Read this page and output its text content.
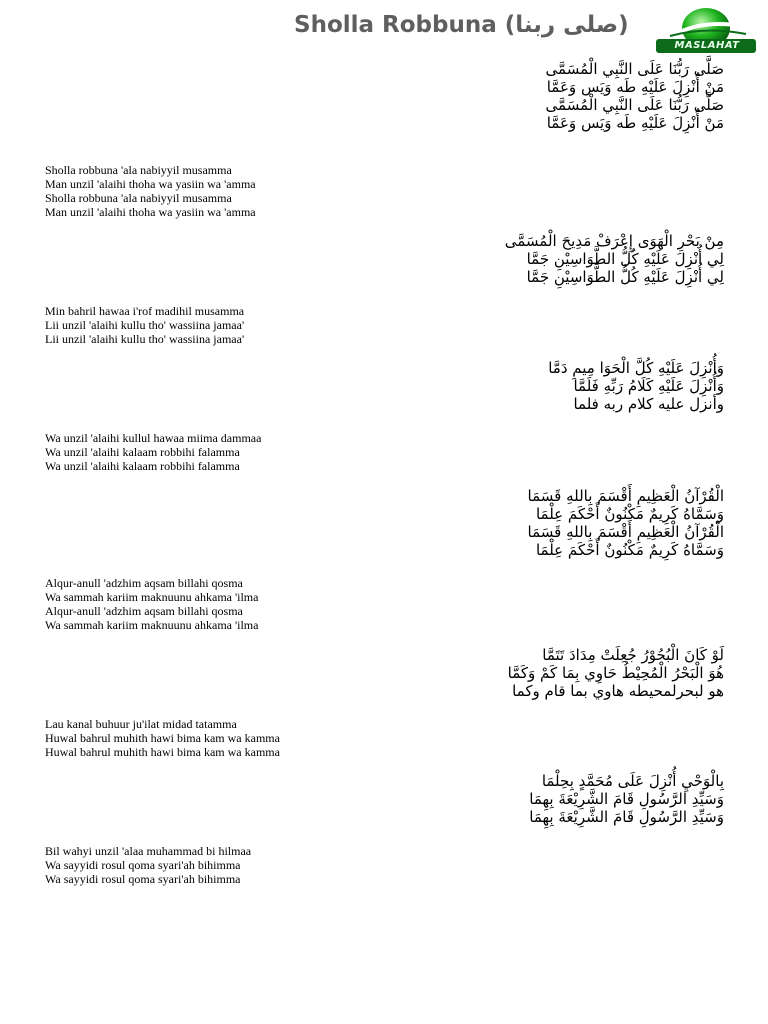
Sholla Robbuna (صلى ربنا)
MASLAHAT
صَلَّى رَبُّنَا عَلَى النَّبِي الْمُسَمَّى
مَنْ أُنْزِلَ عَلَيْهِ طَه وَيَس وَعَمَّا
صَلَّى رَبُّنَا عَلَى النَّبِي الْمُسَمَّى
مَنْ أُنْزِلَ عَلَيْهِ طَه وَيَس وَعَمَّا
Sholla robbuna 'ala nabiyyil musamma
Man unzil 'alaihi thoha wa yasiin wa 'amma
Sholla robbuna 'ala nabiyyil musamma
Man unzil 'alaihi thoha wa yasiin wa 'amma
مِنْ بَحْرِ الْهَوَى إِعْرَفْ مَدِيحَ الْمُسَمَّى
لِي أُنْزِلَ عَلَيْهِ كُلُّ الطَّوَاسِيْنِ جَمَّا
لِي أُنْزِلَ عَلَيْهِ كُلُّ الطَّوَاسِيْنِ جَمَّا
Min bahril hawaa i'rof madihil musamma
Lii unzil 'alaihi kullu tho' wassiina jamaa'
Lii unzil 'alaihi kullu tho' wassiina jamaa'
وَأُنْزِلَ عَلَيْهِ كُلَّ الْحَوَا مِيمِ دَمَّا
وَأُنْزِلَ عَلَيْهِ كَلَامُ رَبِّهِ فَلَمَّا
وأنزل عليه كلام ربه فلما
Wa unzil 'alaihi kullul hawaa miima dammaa
Wa unzil 'alaihi kalaam robbihi falamma
Wa unzil 'alaihi kalaam robbihi falamma
الْقُرْآنُ الْعَظِيمِ أَقْسَمَ بِاللهِ قَسَمَا
وَسَمَّاهُ كَرِيمٌ مَكْنُونٌ أَحْكَمَ عِلْمَا
الْقُرْآنُ الْعَظِيمِ أَقْسَمَ بِاللهِ قَسَمَا
وَسَمَّاهُ كَرِيمٌ مَكْنُونٌ أَحْكَمَ عِلْمَا
Alqur-anull 'adzhim aqsam billahi qosma
Wa sammah kariim maknuunu ahkama 'ilma
Alqur-anull 'adzhim aqsam billahi qosma
Wa sammah kariim maknuunu ahkama 'ilma
لَوْ كَانَ الْبُحُوْرُ جُعِلَتْ مِدَادَ تَتَمَّا
هُوَ الْبَحْرُ الْمُحِيْطُ حَاوِي بِمَا كَمْ وَكَمَّا
هو لبحرلمحيطه هاوي بما قام وكما
Lau kanal buhuur ju'ilat midad tatamma
Huwal bahrul muhith hawi bima kam wa kamma
Huwal bahrul muhith hawi bima kam wa kamma
بِالْوَحْيِ أُنْزِلَ عَلَى مُحَمَّدٍ بِحِلْمَا
وَسَيِّدِ الرَّسُولِ قَامَ الشَّرِيْعَةَ بِهِمَا
وَسَيِّدِ الرَّسُولِ قَامَ الشَّرِيْعَةَ بِهِمَا
Bil wahyi unzil 'alaa muhammad bi hilmaa
Wa sayyidi rosul qoma syari'ah bihimma
Wa sayyidi rosul qoma syari'ah bihimma
